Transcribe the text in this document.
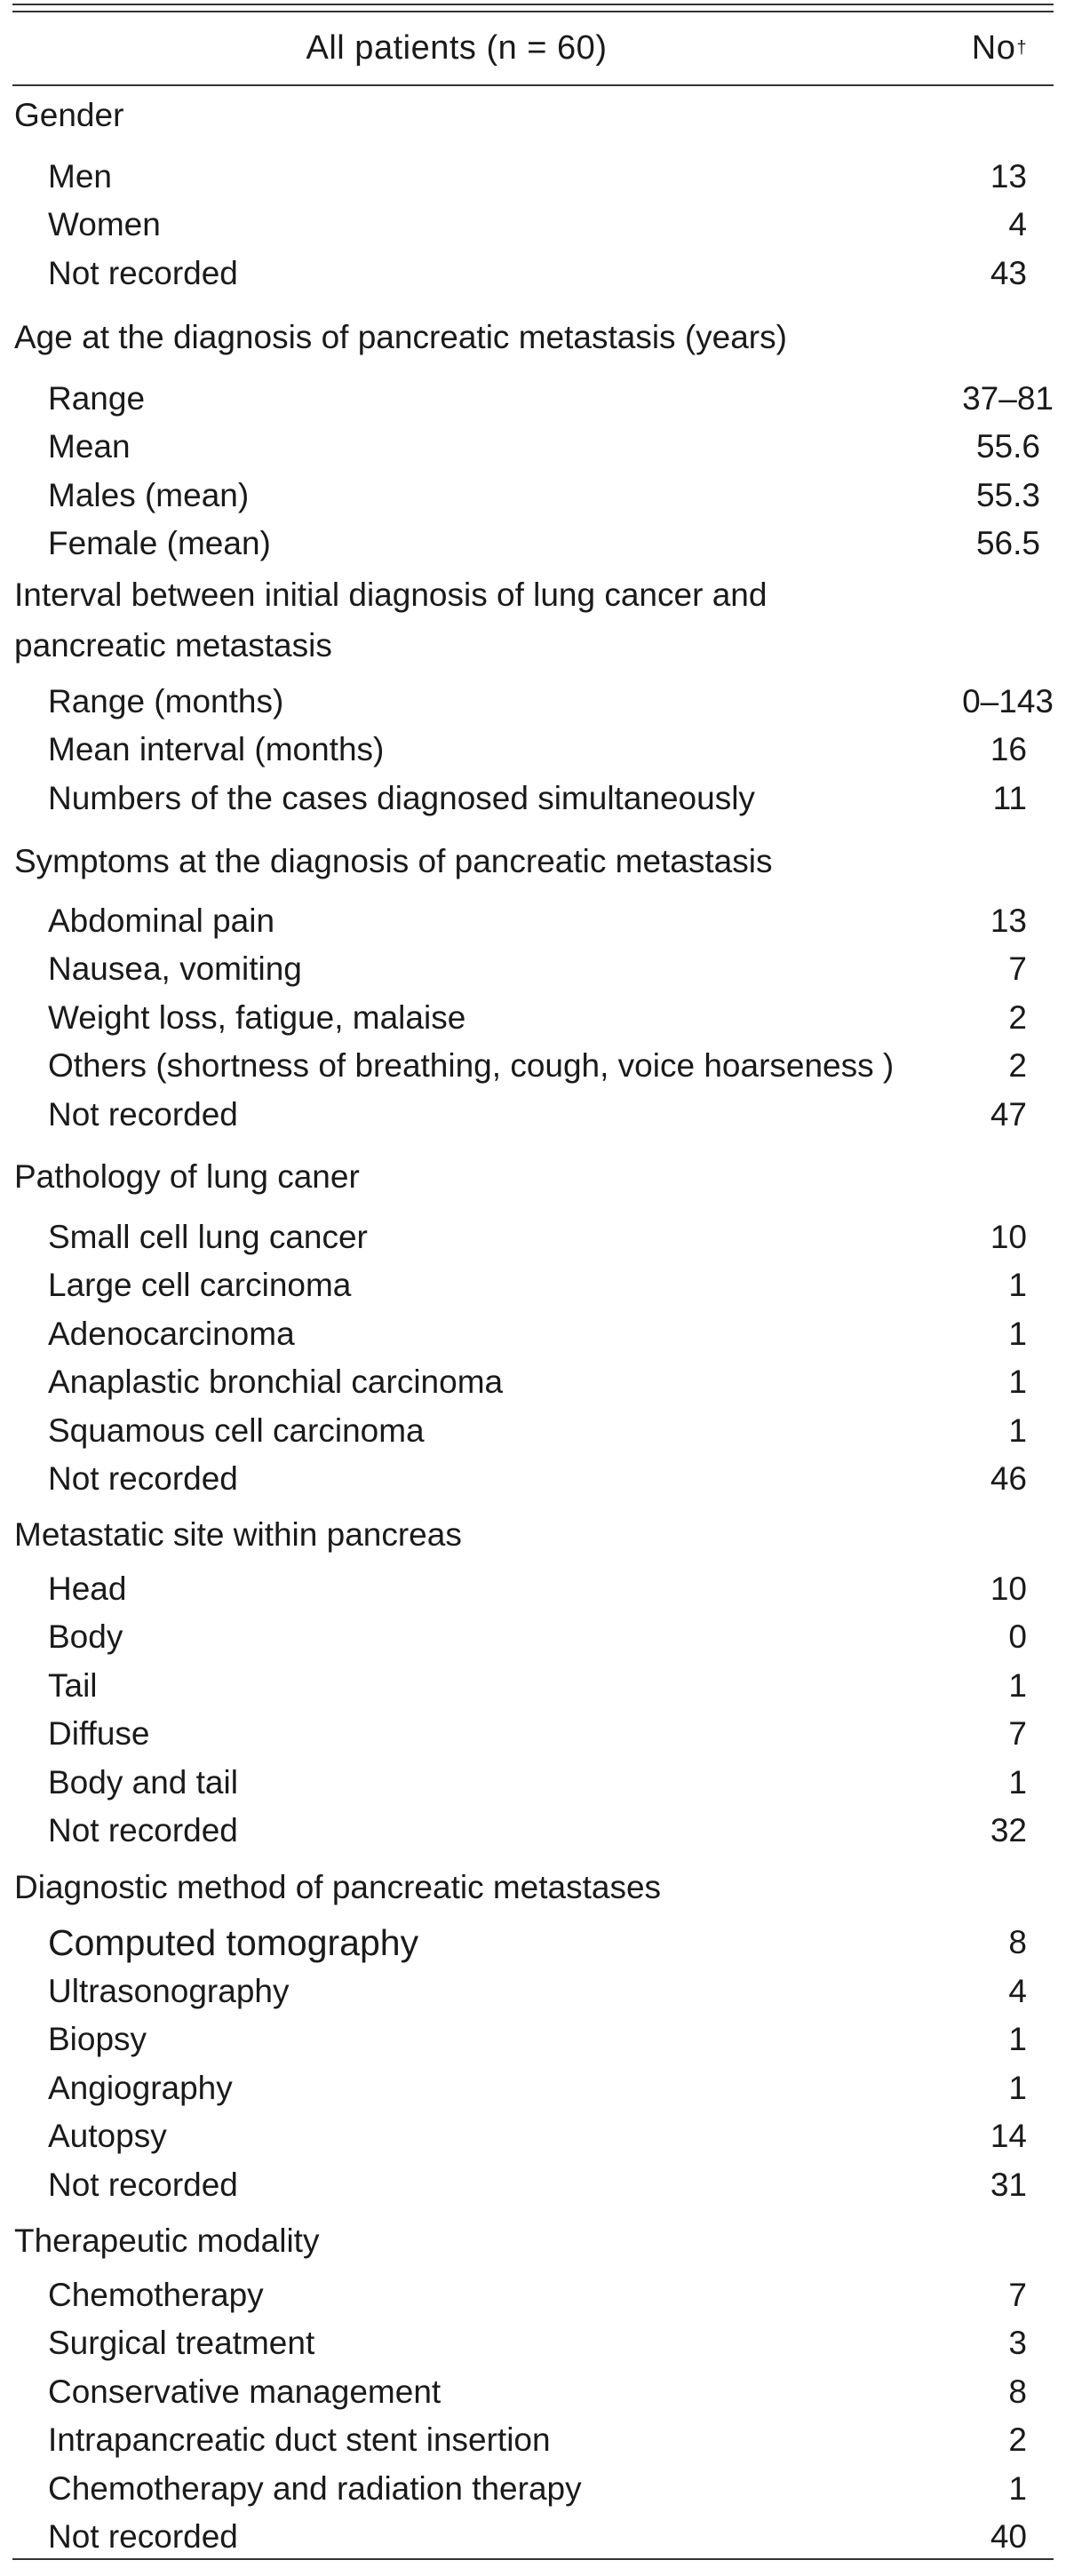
All patients (n = 60)	No †
Gender
Men	13
Women	4
Not recorded	43
Age at the diagnosis of pancreatic metastasis (years)
Range	37–81
Mean	55.6
Males (mean)	55.3
Female (mean)	56.5
Interval between initial diagnosis of lung cancer and
pancreatic metastasis
Range (months)	0–143
Mean interval (months)	16
Numbers of the cases diagnosed simultaneously	11
Symptoms at the diagnosis of pancreatic metastasis
Abdominal pain	13
Nausea, vomiting	7
Weight loss, fatigue, malaise	2
Others (shortness of breathing, cough, voice hoarseness )	2
Not recorded	47
Pathology of lung caner
Small cell lung cancer	10
Large cell carcinoma	1
Adenocarcinoma	1
Anaplastic bronchial carcinoma	1
Squamous cell carcinoma	1
Not recorded	46
Metastatic site within pancreas
Head	10
Body	0
Tail	1
Diffuse	7
Body and tail	1
Not recorded	32
Diagnostic method of pancreatic metastases
Computed tomography	8
Ultrasonography	4
Biopsy	1
Angiography	1
Autopsy	14
Not recorded	31
Therapeutic modality
Chemotherapy	7
Surgical treatment	3
Conservative management	8
Intrapancreatic duct stent insertion	2
Chemotherapy and radiation therapy	1
Not recorded	40
